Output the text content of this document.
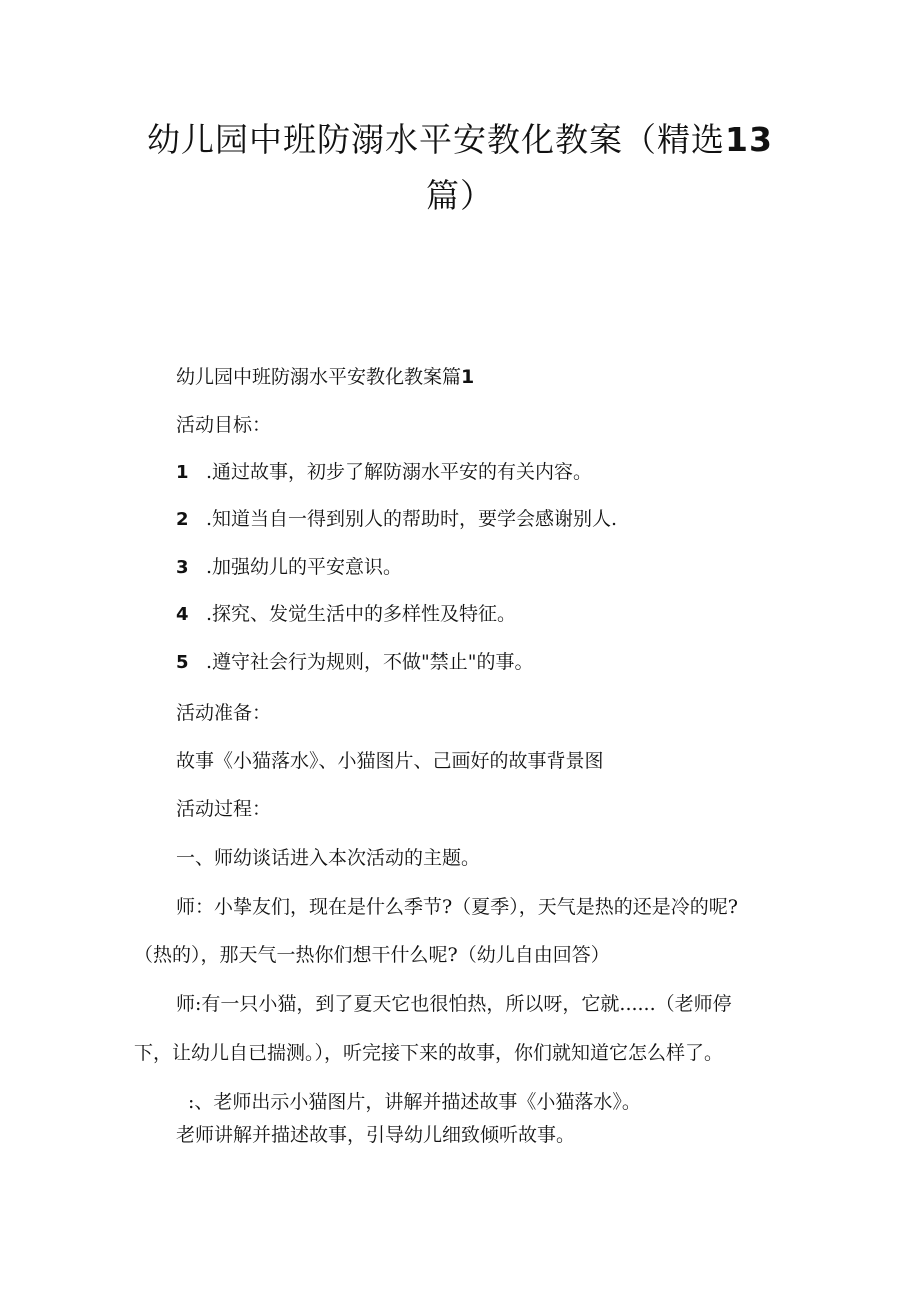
幼儿园中班防溺水平安教化教案（精选13
篇）
幼儿园中班防溺水平安教化教案篇1
活动目标：
1 .通过故事，初步了解防溺水平安的有关内容。
2 .知道当自一得到别人的帮助时，要学会感谢别人.
3 .加强幼儿的平安意识。
4 .探究、发觉生活中的多样性及特征。
5 .遵守社会行为规则，不做"禁止"的事。
活动准备：
故事《小猫落水》、小猫图片、己画好的故事背景图
活动过程：
一、师幼谈话进入本次活动的主题。
师：小挚友们，现在是什么季节?（夏季），天气是热的还是冷的呢?
（热的），那天气一热你们想干什么呢?（幼儿自由回答）
师:有一只小猫，到了夏天它也很怕热，所以呀，它就......（老师停
下，让幼儿自已揣测。），听完接下来的故事，你们就知道它怎么样了。
:、老师出示小猫图片，讲解并描述故事《小猫落水》。
老师讲解并描述故事，引导幼儿细致倾听故事。
